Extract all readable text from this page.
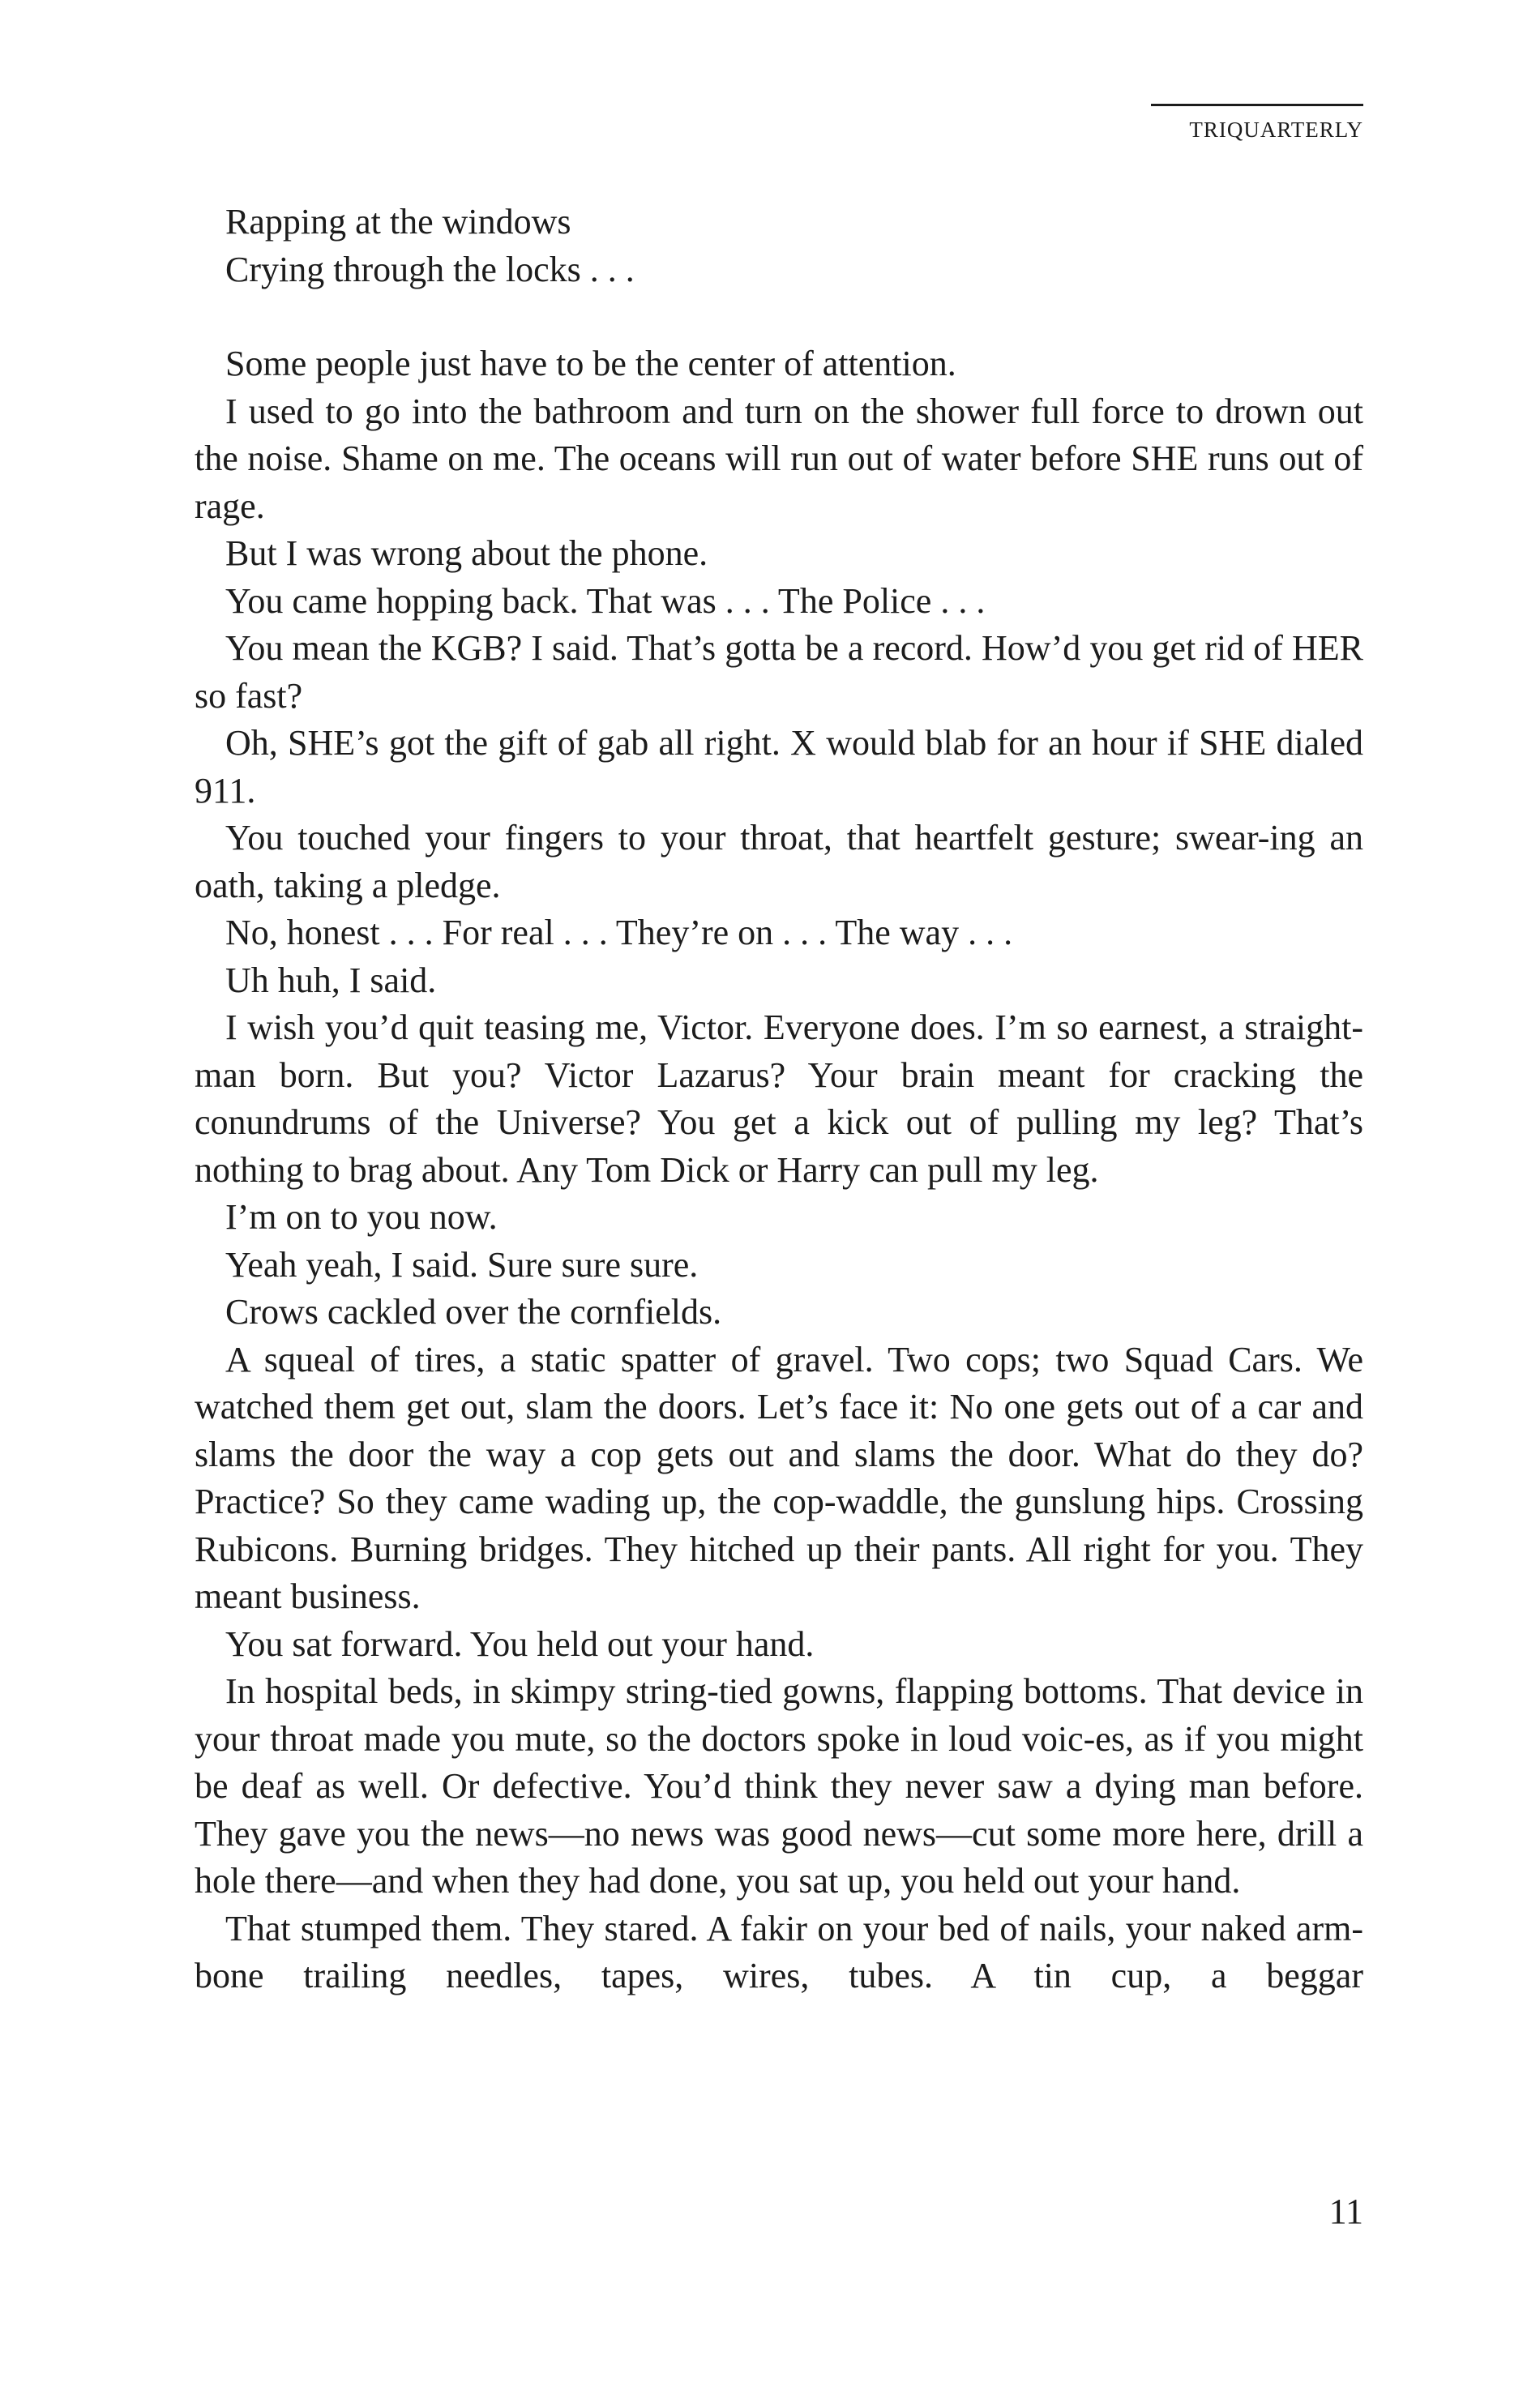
TRIQUARTERLY
Rapping at the windows
Crying through the locks . . .

Some people just have to be the center of attention.

I used to go into the bathroom and turn on the shower full force to drown out the noise. Shame on me. The oceans will run out of water before SHE runs out of rage.

But I was wrong about the phone.

You came hopping back. That was . . . The Police . . .

You mean the KGB? I said. That’s gotta be a record. How’d you get rid of HER so fast?

Oh, SHE’s got the gift of gab all right. X would blab for an hour if SHE dialed 911.

You touched your fingers to your throat, that heartfelt gesture; swear-ing an oath, taking a pledge.

No, honest . . . For real . . . They’re on . . . The way . . .

Uh huh, I said.

I wish you’d quit teasing me, Victor. Everyone does. I’m so earnest, a straight-man born. But you? Victor Lazarus? Your brain meant for cracking the conundrums of the Universe? You get a kick out of pulling my leg? That’s nothing to brag about. Any Tom Dick or Harry can pull my leg.

I’m on to you now.

Yeah yeah, I said. Sure sure sure.

Crows cackled over the cornfields.

A squeal of tires, a static spatter of gravel. Two cops; two Squad Cars. We watched them get out, slam the doors. Let’s face it: No one gets out of a car and slams the door the way a cop gets out and slams the door. What do they do? Practice? So they came wading up, the cop-waddle, the gunslung hips. Crossing Rubicons. Burning bridges. They hitched up their pants. All right for you. They meant business.

You sat forward. You held out your hand.

In hospital beds, in skimpy string-tied gowns, flapping bottoms. That device in your throat made you mute, so the doctors spoke in loud voic-es, as if you might be deaf as well. Or defective. You’d think they never saw a dying man before. They gave you the news—no news was good news—cut some more here, drill a hole there—and when they had done, you sat up, you held out your hand.

That stumped them. They stared. A fakir on your bed of nails, your naked arm-bone trailing needles, tapes, wires, tubes. A tin cup, a beggar

11
